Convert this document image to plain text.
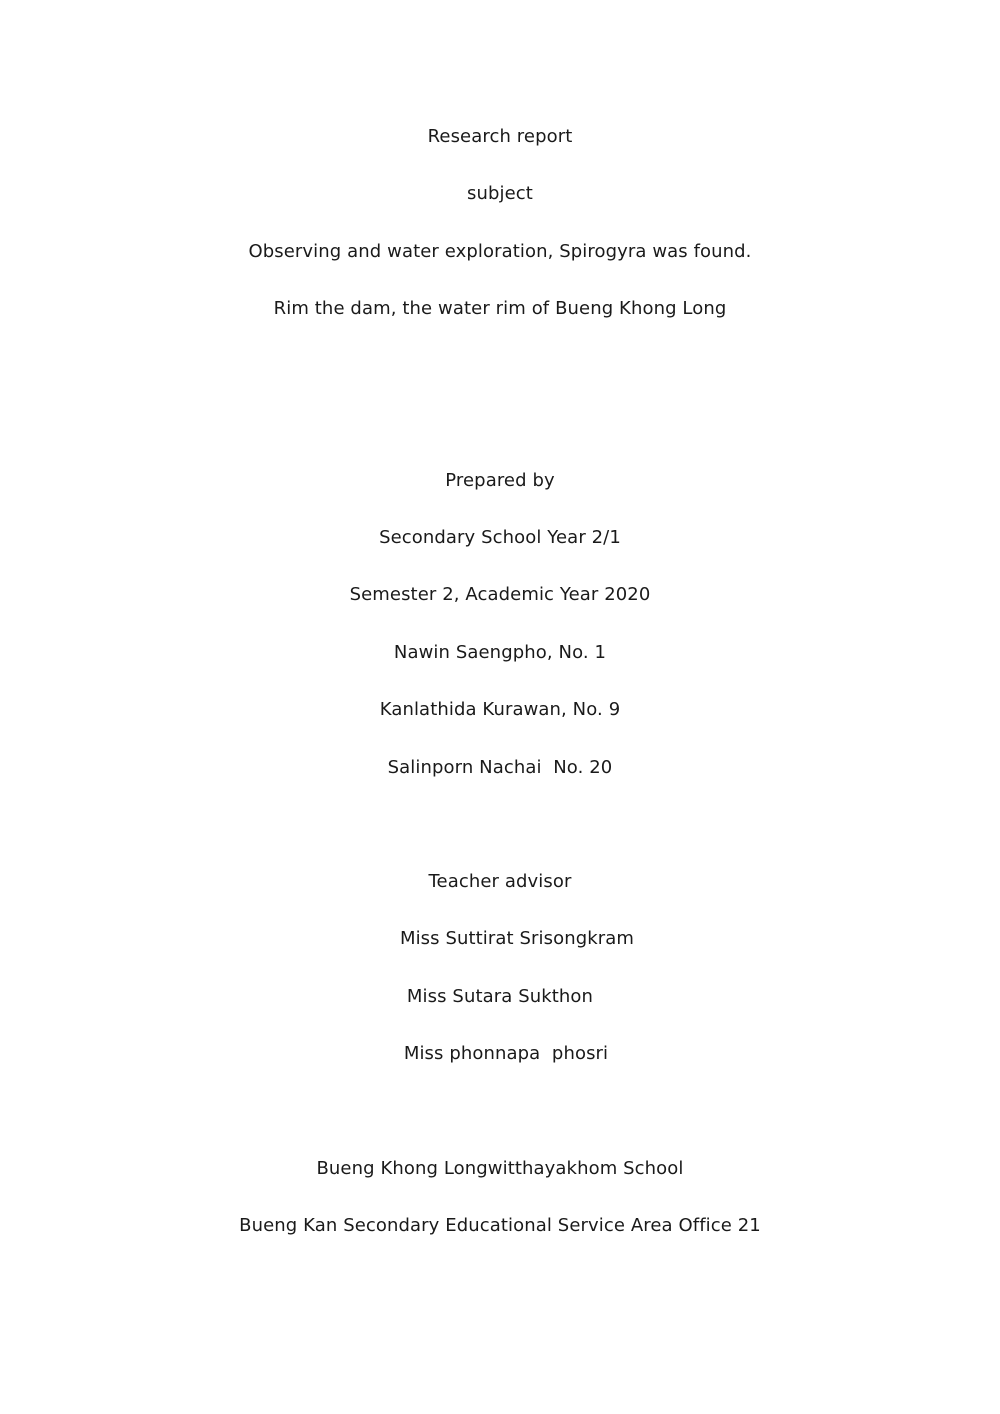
Research report
subject
Observing and water exploration, Spirogyra was found.
Rim the dam, the water rim of Bueng Khong Long
Prepared by
Secondary School Year 2/1
Semester 2, Academic Year 2020
Nawin Saengpho, No. 1
Kanlathida Kurawan, No. 9
Salinporn Nachai  No. 20
Teacher advisor
Miss Suttirat Srisongkram
Miss Sutara Sukthon
Miss phonnapa  phosri
Bueng Khong Longwitthayakhom School
Bueng Kan Secondary Educational Service Area Office 21
